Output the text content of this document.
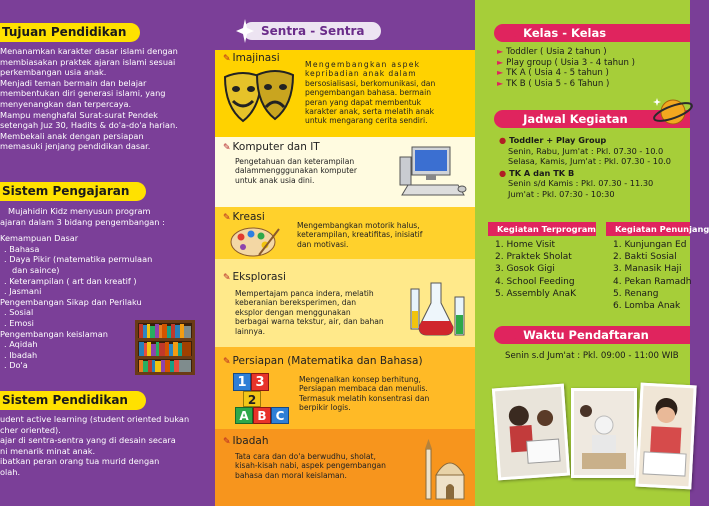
Tujuan Pendidikan
Menanamkan karakter dasar islami dengan
membiasakan praktek ajaran islami sesuai
perkembangan usia anak.
Menjadi teman bermain dan belajar
membentukan diri generasi islami, yang
menyenangkan dan terpercaya.
Mampu menghafal Surat-surat Pendek
setengah Juz 30, Hadits & do'a-do'a harian.
Membekali anak dengan persiapan
memasuki jenjang pendidikan dasar.
Sistem Pengajaran
Mujahidin Kidz menyusun program
ajaran dalam 3 bidang pengembangan :
Kemampuan Dasar
. Bahasa
. Daya Pikir (matematika permulaan
dan saince)
. Keterampilan ( art dan kreatif )
. Jasmani
Pengembangan Sikap dan Perilaku
. Sosial
. Emosi
Pengembangan keislaman
. Aqidah
. Ibadah
. Do'a
Sistem Pendidikan
udent active learning (student oriented bukan
cher oriented).
ajar di sentra-sentra yang di desain secara
ni menarik minat anak.
ibatkan peran orang tua murid dengan
olah.
Sentra - Sentra
✎ Imajinasi
Mengembangkan aspek
kepribadian anak dalam
bersosialisasi, berkomunikasi, dan
pengembangan bahasa. bermain
peran yang dapat membentuk
karakter anak, serta melatih anak
untuk mengarang cerita sendiri.
✎ Komputer dan IT
Pengetahuan dan keterampilan
dalammengggunakan komputer
untuk anak usia dini.
✎ Kreasi
Mengembangkan motorik halus,
keterampilan, kreatifitas, inisiatif
dan motivasi.
✎ Eksplorasi
Mempertajam panca indera, melatih
keberanian bereksperimen, dan
eksplor dengan menggunakan
berbagai warna tekstur, air, dan bahan
lainnya.
✎ Persiapan (Matematika dan Bahasa)
1 3
2
A B C
Mengenalkan konsep berhitung,
Persiapan membaca dan menulis.
Termasuk melatih konsentrasi dan
berpikir logis.
✎ Ibadah
Tata cara dan do'a berwudhu, sholat,
kisah-kisah nabi, aspek pengembangan
bahasa dan moral keislaman.
► Kelas - Kelas
► Toddler ( Usia 2 tahun )
► Play group ( Usia 3 - 4 tahun )
► TK A ( Usia 4 - 5 tahun )
► TK B ( Usia 5 - 6 Tahun )
► Jadwal Kegiatan
● Toddler + Play Group
Senin, Rabu, Jum'at : Pkl. 07.30 - 10.0
Selasa, Kamis, Jum'at : Pkl. 07.30 - 10.0
● TK A dan TK B
Senin s/d Kamis : Pkl. 07.30 - 11.30
Jum'at : Pkl. 07:30 - 10:30
Kegiatan Terprogram
1. Home Visit
2. Praktek Sholat
3. Gosok Gigi
4. School Feeding
5. Assembly AnaK
Kegiatan Penunjang
1. Kunjungan Ed
2. Bakti Sosial
3. Manasik Haji
4. Pekan Ramadh
5. Renang
6. Lomba Anak
► Waktu Pendaftaran
Senin s.d Jum'at : Pkl. 09:00 - 11:00 WIB
